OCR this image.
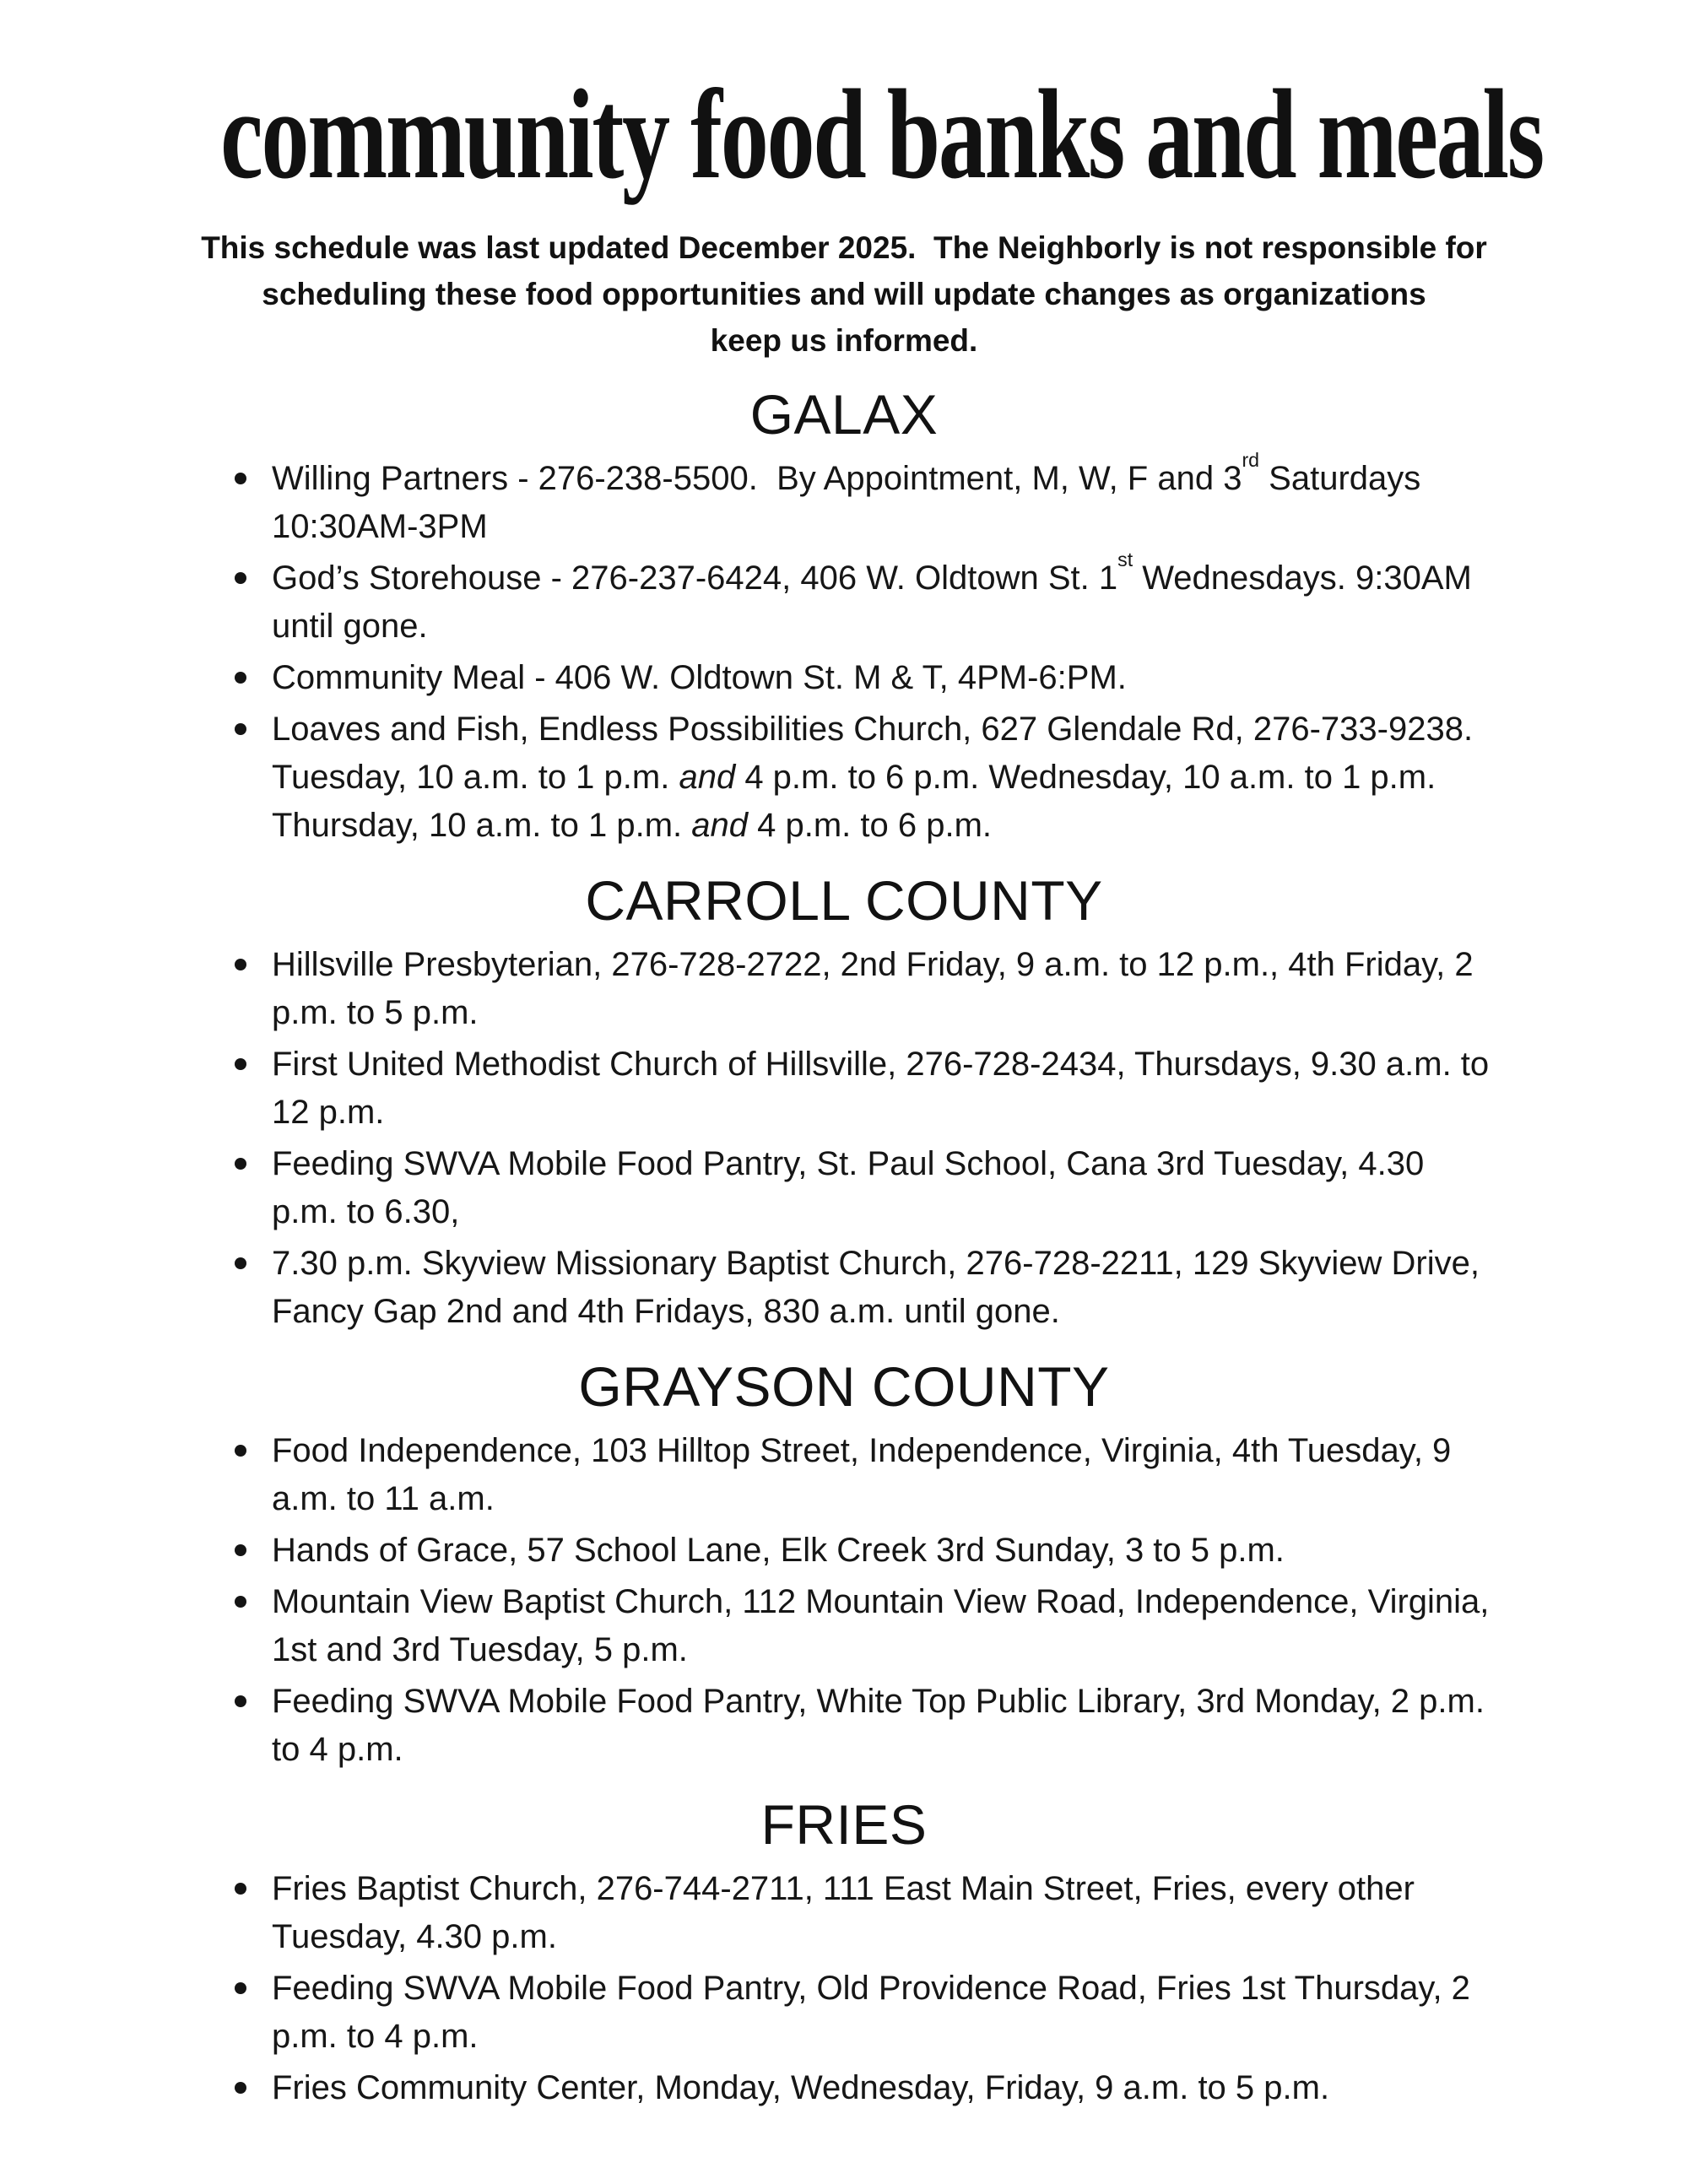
community food banks and meals
This schedule was last updated December 2025.  The Neighborly is not responsible for
scheduling these food opportunities and will update changes as organizations
keep us informed.
GALAX
Willing Partners - 276-238-5500.  By Appointment, M, W, F and 3rd Saturdays 10:30AM-3PM
God’s Storehouse - 276-237-6424, 406 W. Oldtown St. 1st Wednesdays. 9:30AM until gone.
Community Meal - 406 W. Oldtown St. M & T, 4PM-6:PM.
Loaves and Fish, Endless Possibilities Church, 627 Glendale Rd, 276-733-9238. Tuesday, 10 a.m. to 1 p.m. and 4 p.m. to 6 p.m. Wednesday, 10 a.m. to 1 p.m. Thursday, 10 a.m. to 1 p.m. and 4 p.m. to 6 p.m.
CARROLL COUNTY
Hillsville Presbyterian, 276-728-2722, 2nd Friday, 9 a.m. to 12 p.m., 4th Friday, 2 p.m. to 5 p.m.
First United Methodist Church of Hillsville, 276-728-2434, Thursdays, 9.30 a.m. to 12 p.m.
Feeding SWVA Mobile Food Pantry, St. Paul School, Cana 3rd Tuesday, 4.30 p.m. to 6.30,
7.30 p.m. Skyview Missionary Baptist Church, 276-728-2211, 129 Skyview Drive, Fancy Gap 2nd and 4th Fridays, 830 a.m. until gone.
GRAYSON COUNTY
Food Independence, 103 Hilltop Street, Independence, Virginia, 4th Tuesday, 9 a.m. to 11 a.m.
Hands of Grace, 57 School Lane, Elk Creek 3rd Sunday, 3 to 5 p.m.
Mountain View Baptist Church, 112 Mountain View Road, Independence, Virginia, 1st and 3rd Tuesday, 5 p.m.
Feeding SWVA Mobile Food Pantry, White Top Public Library, 3rd Monday, 2 p.m. to 4 p.m.
FRIES
Fries Baptist Church, 276-744-2711, 111 East Main Street, Fries, every other Tuesday, 4.30 p.m.
Feeding SWVA Mobile Food Pantry, Old Providence Road, Fries 1st Thursday, 2 p.m. to 4 p.m.
Fries Community Center, Monday, Wednesday, Friday, 9 a.m. to 5 p.m.
